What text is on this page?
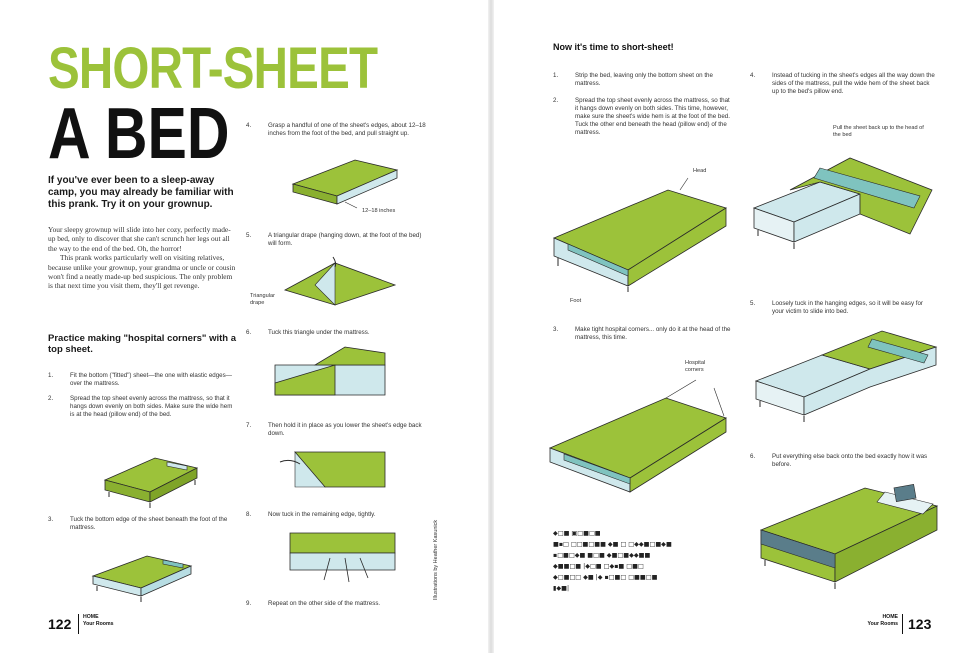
SHORT-SHEET
A BED
If you've ever been to a sleep-away camp, you may already be familiar with this prank. Try it on your grownup.

Your sleepy grownup will slide into her cozy, perfectly made-up bed, only to discover that she can't scrunch her legs out all the way to the end of the bed. Oh, the horror!

This prank works particularly well on visiting relatives, because unlike your grownup, your grandma or uncle or cousin won't find a neatly made-up bed suspicious. The only problem is that next time you visit them, they'll get revenge.

Practice making "hospital corners" with a top sheet.
1.	Fit the bottom ("fitted") sheet—the one with elastic edges—over the mattress.
2.	Spread the top sheet evenly across the mattress, so that it hangs down evenly on both sides. Make sure the wide hem is at the head (pillow end) of the bed.
3.	Tuck the bottom edge of the sheet beneath the foot of the mattress.
4.	Grasp a handful of one of the sheet's edges, about 12–18 inches from the foot of the bed, and pull straight up.
12–18 inches
5.	A triangular drape (hanging down, at the foot of the bed) will form.
Triangular drape
6.	Tuck this triangle under the mattress.
7.	Then hold it in place as you lower the sheet's edge back down.
8.	Now tuck in the remaining edge, tightly.
9.	Repeat on the other side of the mattress.
Illustrations by Heather Kasunick
122 HOME
Your Rooms
Now it's time to short-sheet!
1.	Strip the bed, leaving only the bottom sheet on the mattress.
2.	Spread the top sheet evenly across the mattress, so that it hangs down evenly on both sides. This time, however, make sure the sheet's wide hem is at the foot of the bed. Tuck the other end beneath the head (pillow end) of the mattress.
Head
Foot
3.	Make tight hospital corners... only do it at the head of the mattress, this time.
Hospital corners
◆□■ ▣□■□■
■▪□ □□■□■■ ◆■ □ □◆◆■□■◆■
▪□■□◆■ ■□■ ◆■□■◆◆■■
◆■■□■ |◆□■ □◆▪■ □■□
◆□■□□ ◆■ |◆ ▪□■□ □■■□■
▮◆■|
4.	Instead of tucking in the sheet's edges all the way down the sides of the mattress, pull the wide hem of the sheet back up to the bed's pillow end.
Pull the sheet back up to the head of the bed
5.	Loosely tuck in the hanging edges, so it will be easy for your victim to slide into bed.
6.	Put everything else back onto the bed exactly how it was before.
HOME
Your Rooms 123
